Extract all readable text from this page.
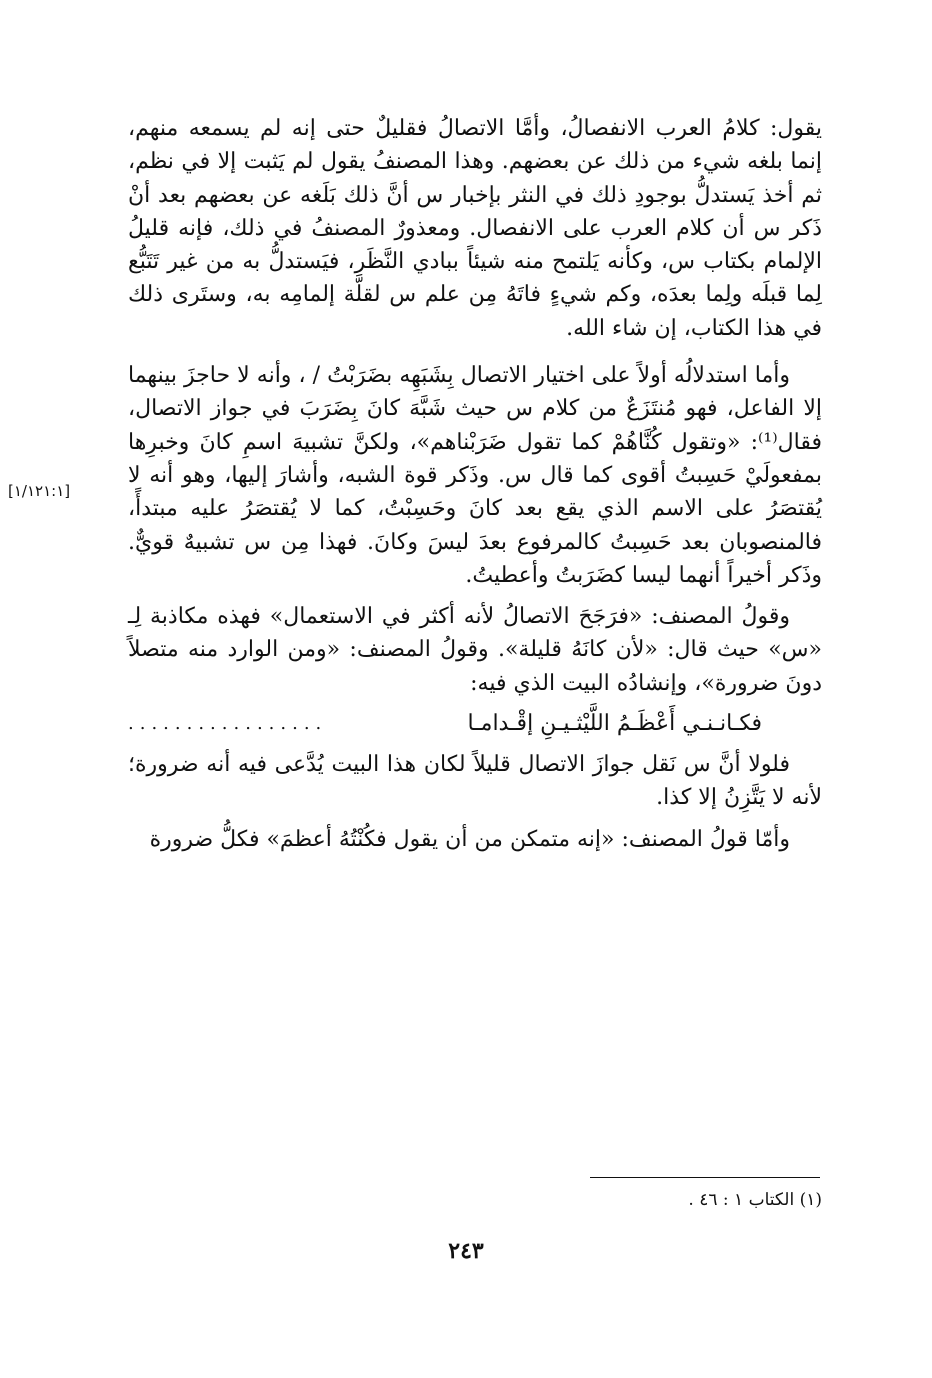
يقول: كلامُ العرب الانفصالُ، وأمَّا الاتصالُ فقليلٌ حتى إنه لم يسمعه منهم، إنما بلغه شيء من ذلك عن بعضهم. وهذا المصنفُ يقول لم يَثبت إلا في نظم، ثم أخذ يَستدلُّ بوجودِ ذلك في النثر بإخبار س أنَّ ذلك بَلَغه عن بعضهم بعد أنْ ذَكر س أن كلام العرب على الانفصال. ومعذورٌ المصنفُ في ذلك، فإنه قليلُ الإلمام بكتاب س، وكأنه يَلتمح منه شيئاً ببادي النَّظَر، فيَستدلُّ به من غير تَتَبُّع لِما قبلَه ولِما بعدَه، وكم شيءٍ فاتَهُ مِن علم س لقلَّة إلمامِه به، وستَرى ذلك في هذا الكتاب، إن شاء الله.

وأما استدلالُه أولاً على اختيار الاتصال بِشَبَهِه بضَرَبْتُ / ، وأنه لا حاجزَ بينهما إلا الفاعل، فهو مُنتَزَعٌ من كلام س حيث شَبَّهَ كانَ بِضَرَبَ في جواز الاتصال، فقال⁽¹⁾: «وتقول كُنَّاهُمْ كما تقول ضَرَبْناهم»، ولكنَّ تشبيهَ اسمِ كانَ وخبرِها بمفعولَيْ حَسِبتُ أقوى كما قال س. وذَكر قوة الشبه، وأشارَ إليها، وهو أنه لا يُقتصَرُ على الاسم الذي يقع بعد كانَ وحَسِبْتُ، كما لا يُقتصَرُ عليه مبتدأً، فالمنصوبان بعد حَسِبتُ كالمرفوع بعدَ ليسَ وكانَ. فهذا مِن س تشبيهٌ قويٌّ. وذَكر أخيراً أنهما ليسا كضَرَبتُ وأعطيتُ.

وقولُ المصنف: «فرَجَحَ الاتصالُ لأنه أكثر في الاستعمال» فهذه مكاذبة لِـ «س» حيث قال: «لأن كانَهُ قليلة». وقولُ المصنف: «ومن الوارد منه متصلاً دونَ ضرورة»، وإنشادُه البيت الذي فيه:

فكـانـنـي أَعْظَـمُ اللَّيْثـيـنِ إقْـدامـا
.................

فلولا أنَّ س نَقل جوازَ الاتصال قليلاً لكان هذا البيت يُدَّعى فيه أنه ضرورة؛ لأنه لا يَتَّزِنُ إلا كذا.

وأمّا قولُ المصنف: «إنه متمكن من أن يقول فكُنْتُهُ أعظمَ» فكلُّ ضرورة

[١/١٢١:١]
(١) الكتاب ١ : ٤٦ .
٢٤٣
